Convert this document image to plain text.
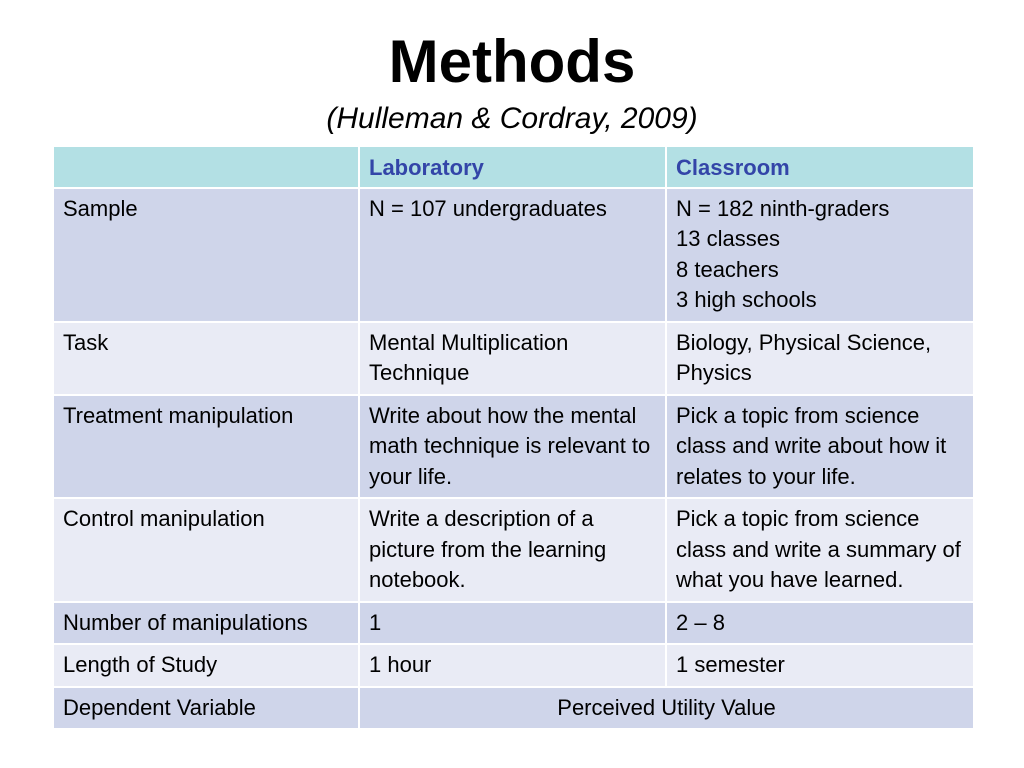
Methods
(Hulleman & Cordray, 2009)
	Laboratory	Classroom
Sample	N = 107 undergraduates	N = 182 ninth-graders
13 classes
8 teachers
3 high schools

Task	Mental Multiplication Technique	Biology, Physical Science, Physics

Treatment manipulation	Write about how the mental math technique is relevant to your life.	Pick a topic from science class and write about how it relates to your life.

Control manipulation	Write a description of a picture from the learning notebook.	Pick a topic from science class and write a summary of what you have learned.

Number of manipulations	1	2 – 8

Length of Study	1 hour	1 semester

Dependent Variable	Perceived Utility Value	
